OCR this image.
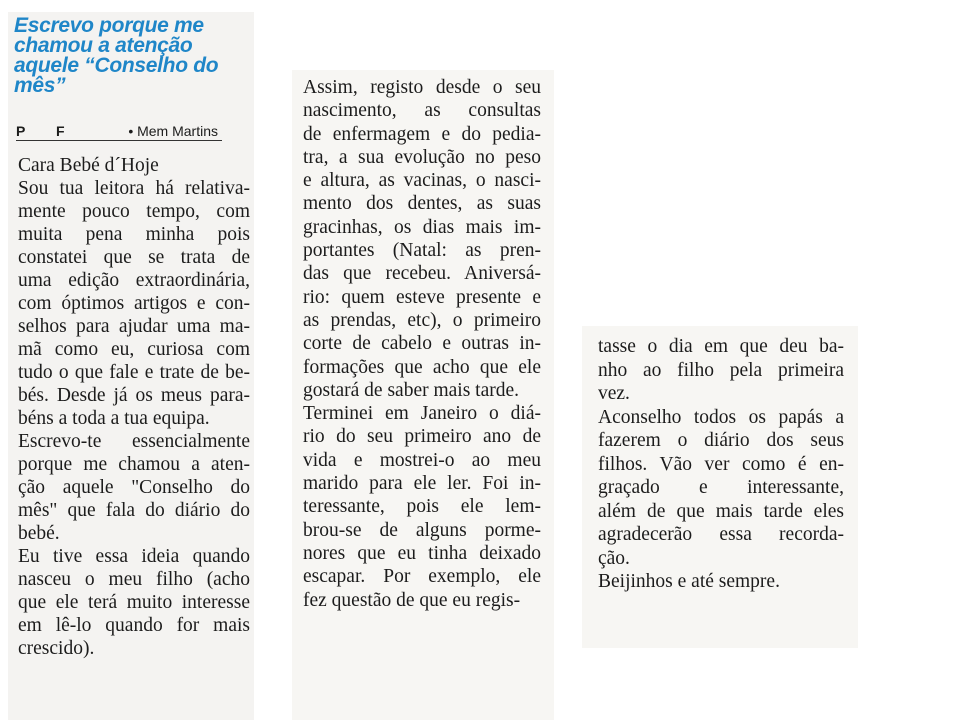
Escrevo porque me
chamou a atenção
aquele “Conselho do
mês”
P F	• Mem Martins
Cara Bebé d´Hoje
Sou tua leitora há relativa-
mente pouco tempo, com
muita pena minha pois
constatei que se trata de
uma edição extraordinária,
com óptimos artigos e con-
selhos para ajudar uma ma-
mã como eu, curiosa com
tudo o que fale e trate de be-
bés. Desde já os meus para-
béns a toda a tua equipa.
Escrevo-te essencialmente
porque me chamou a aten-
ção aquele "Conselho do
mês" que fala do diário do
bebé.
Eu tive essa ideia quando
nasceu o meu filho (acho
que ele terá muito interesse
em lê-lo quando for mais
crescido).
Assim, registo desde o seu
nascimento, as consultas
de enfermagem e do pedia-
tra, a sua evolução no peso
e altura, as vacinas, o nasci-
mento dos dentes, as suas
gracinhas, os dias mais im-
portantes (Natal: as pren-
das que recebeu. Aniversá-
rio: quem esteve presente e
as prendas, etc), o primeiro
corte de cabelo e outras in-
formações que acho que ele
gostará de saber mais tarde.
Terminei em Janeiro o diá-
rio do seu primeiro ano de
vida e mostrei-o ao meu
marido para ele ler. Foi in-
teressante, pois ele lem-
brou-se de alguns porme-
nores que eu tinha deixado
escapar. Por exemplo, ele
fez questão de que eu regis-
tasse o dia em que deu ba-
nho ao filho pela primeira
vez.
Aconselho todos os papás a
fazerem o diário dos seus
filhos. Vão ver como é en-
graçado e interessante,
além de que mais tarde eles
agradecerão essa recorda-
ção.
Beijinhos e até sempre.
